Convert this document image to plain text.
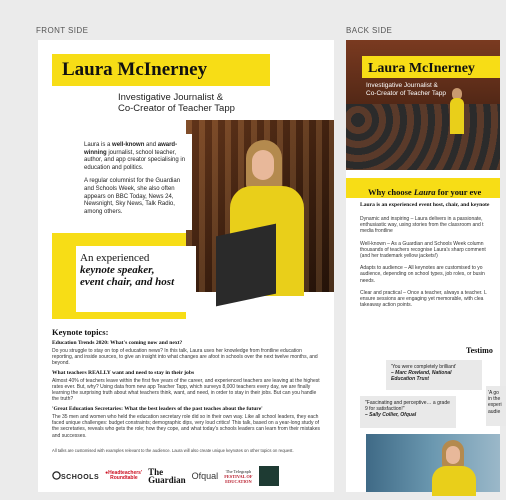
FRONT SIDE	BACK SIDE
Laura McInerney
Investigative Journalist &
Co-Creator of Teacher Tapp

Laura is a well-known and award-winning journalist, school teacher, author, and app creator specialising in education and politics.

A regular columnist for the Guardian and Schools Week, she also often appears on BBC Today, News 24, Newsnight, Sky News, Talk Radio, among others.

An experienced
keynote speaker,
event chair, and host
Keynote topics:
Education Trends 2020: What's coming now and next?
Do you struggle to stay on top of education news? In this talk, Laura uses her knowledge from frontline education reporting, and inside sources, to give an insight into what changes are afoot in schools over the next twelve months, and beyond.
What teachers REALLY want and need to stay in their jobs
Almost 40% of teachers leave within the first five years of the career, and experienced teachers are leaving at the highest rates ever. But, why? Using data from new app Teacher Tapp, which surveys 8,000 teachers every day, we are finally learning the surprising truth about what teachers think, want, and need, in order to stay in their jobs. But can you handle the truth?
'Great Education Secretaries: What the best leaders of the past teaches about the future'
The 35 men and women who held the education secretary role did so in their own way. Like all school leaders, they each faced unique challenges: budget constraints; demographic dips, very loud critics! This talk, based on a year-long study of the secretaries, reveals who gets the role; how they cope, and what today's schools leaders can learn from their mistakes and successes.
All talks are customised with examples relevant to the audience. Laura will also create unique keynotes on other topics on request.
SCHOOLS
●Headteachers'
Roundtable
The
Guardian Ofqual	The Telegraph
FESTIVAL OF
EDUCATION
Laura McInerney
Investigative Journalist &
Co-Creator of Teacher Tapp
Why choose Laura for your eve
Laura is an experienced event host, chair, and keynote

Dynamic and inspiring – Laura delivers in a passionate,
enthusiastic way, using stories from the classroom and t
media frontline

Well-known – As a Guardian and Schools Week column
thousands of teachers recognise Laura's sharp comment
(and her trademark yellow jackets!)

Adapts to audience – All keynotes are customised to yo
audience, depending on school types, job roles, or busin
needs.

Clear and practical – Once a teacher, always a teacher. L
ensure sessions are engaging yet memorable, with clea
takeaway action points.

Testimo
'You were completely brilliant'
– Marc Rowland, National
Education Trust
"Fascinating and perceptive… a grade 9 for satisfaction!"
– Sally Collier, Ofqual
'A go in the experi audie
